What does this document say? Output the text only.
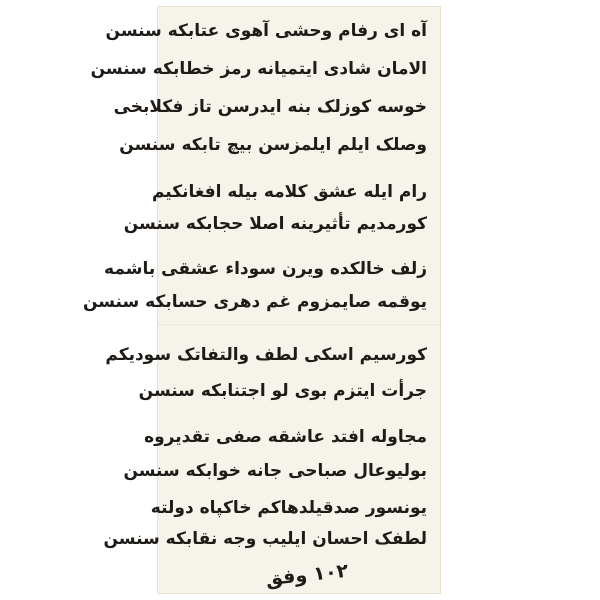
آه ای رفام وحشی آهوی عتابکه سنسن
الامان شادی ایتمیانه رمز خطابکه سنسن
خوسه کوزلک بنه ایدرسن تاز فکلابخی
وصلک ایلم ایلمزسن بیچ تابکه سنسن
رام ایله عشق کلامه بیله افغانکیم
کورمدیم تأثیرینه اصلا حجابکه سنسن
زلف خالکده ویرن سوداء عشقی باشمه
یوقمه صایمزوم غم دهری حسابکه سنسن
کورسیم اسکی لطف والتفاتک سودیکم
جرأت ایتزم بوی لو اجتنابکه سنسن
مجاوله افتد عاشقه صفی تقدیروه
بولیوعال صباحی جانه خوابکه سنسن
یونسور صدقیلدهاکم خاکپاه دولته
لطفک احسان ایلیب وجه نقابکه سنسن
۱۰۲ وفق
